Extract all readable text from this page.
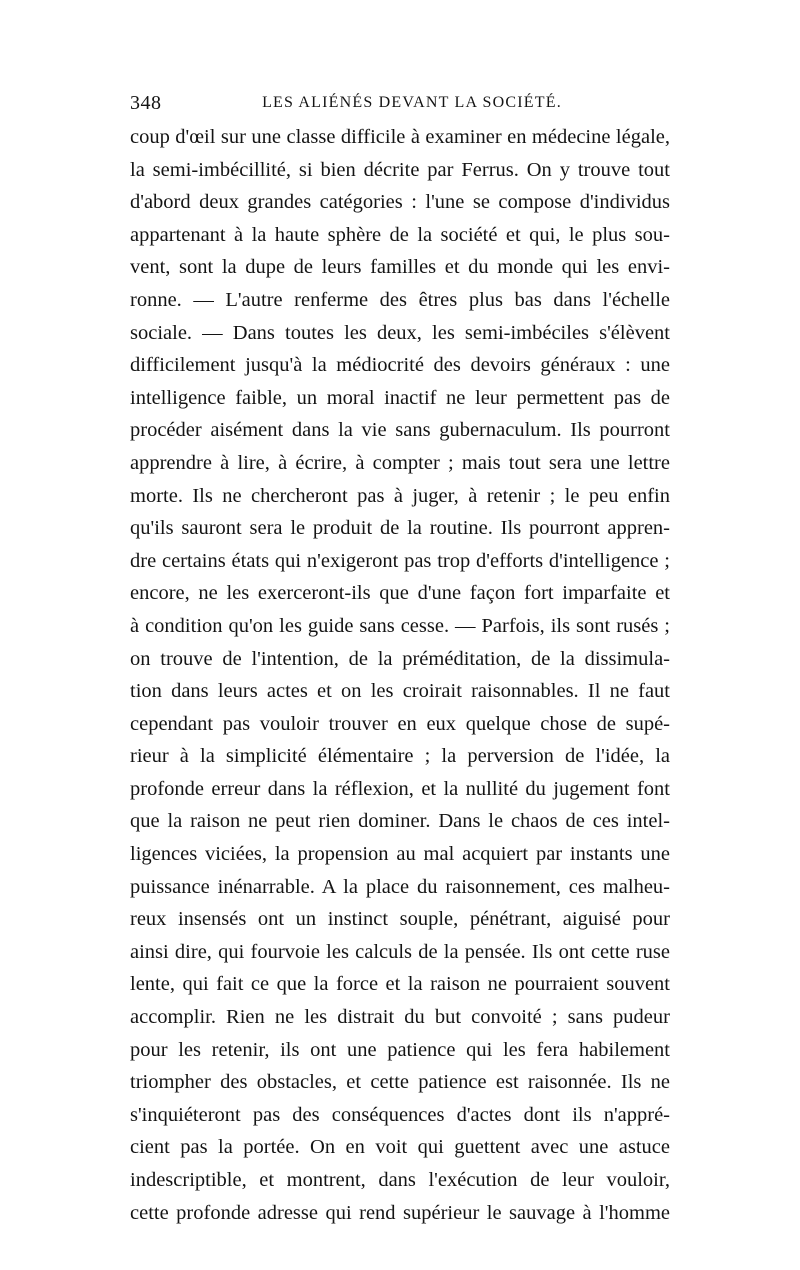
348	LES ALIÉNÉS DEVANT LA SOCIÉTÉ.
coup d'œil sur une classe difficile à examiner en médecine légale,
la semi-imbécillité, si bien décrite par Ferrus. On y trouve tout
d'abord deux grandes catégories : l'une se compose d'individus
appartenant à la haute sphère de la société et qui, le plus sou-
vent, sont la dupe de leurs familles et du monde qui les envi-
ronne. — L'autre renferme des êtres plus bas dans l'échelle
sociale. — Dans toutes les deux, les semi-imbéciles s'élèvent
difficilement jusqu'à la médiocrité des devoirs généraux : une
intelligence faible, un moral inactif ne leur permettent pas de
procéder aisément dans la vie sans gubernaculum. Ils pourront
apprendre à lire, à écrire, à compter ; mais tout sera une lettre
morte. Ils ne chercheront pas à juger, à retenir ; le peu enfin
qu'ils sauront sera le produit de la routine. Ils pourront appren-
dre certains états qui n'exigeront pas trop d'efforts d'intelligence ;
encore, ne les exerceront-ils que d'une façon fort imparfaite et
à condition qu'on les guide sans cesse. — Parfois, ils sont rusés ;
on trouve de l'intention, de la préméditation, de la dissimula-
tion dans leurs actes et on les croirait raisonnables. Il ne faut
cependant pas vouloir trouver en eux quelque chose de supé-
rieur à la simplicité élémentaire ; la perversion de l'idée, la
profonde erreur dans la réflexion, et la nullité du jugement font
que la raison ne peut rien dominer. Dans le chaos de ces intel-
ligences viciées, la propension au mal acquiert par instants une
puissance inénarrable. A la place du raisonnement, ces malheu-
reux insensés ont un instinct souple, pénétrant, aiguisé pour
ainsi dire, qui fourvoie les calculs de la pensée. Ils ont cette ruse
lente, qui fait ce que la force et la raison ne pourraient souvent
accomplir. Rien ne les distrait du but convoité ; sans pudeur
pour les retenir, ils ont une patience qui les fera habilement
triompher des obstacles, et cette patience est raisonnée. Ils ne
s'inquiéteront pas des conséquences d'actes dont ils n'appré-
cient pas la portée. On en voit qui guettent avec une astuce
indescriptible, et montrent, dans l'exécution de leur vouloir,
cette profonde adresse qui rend supérieur le sauvage à l'homme
